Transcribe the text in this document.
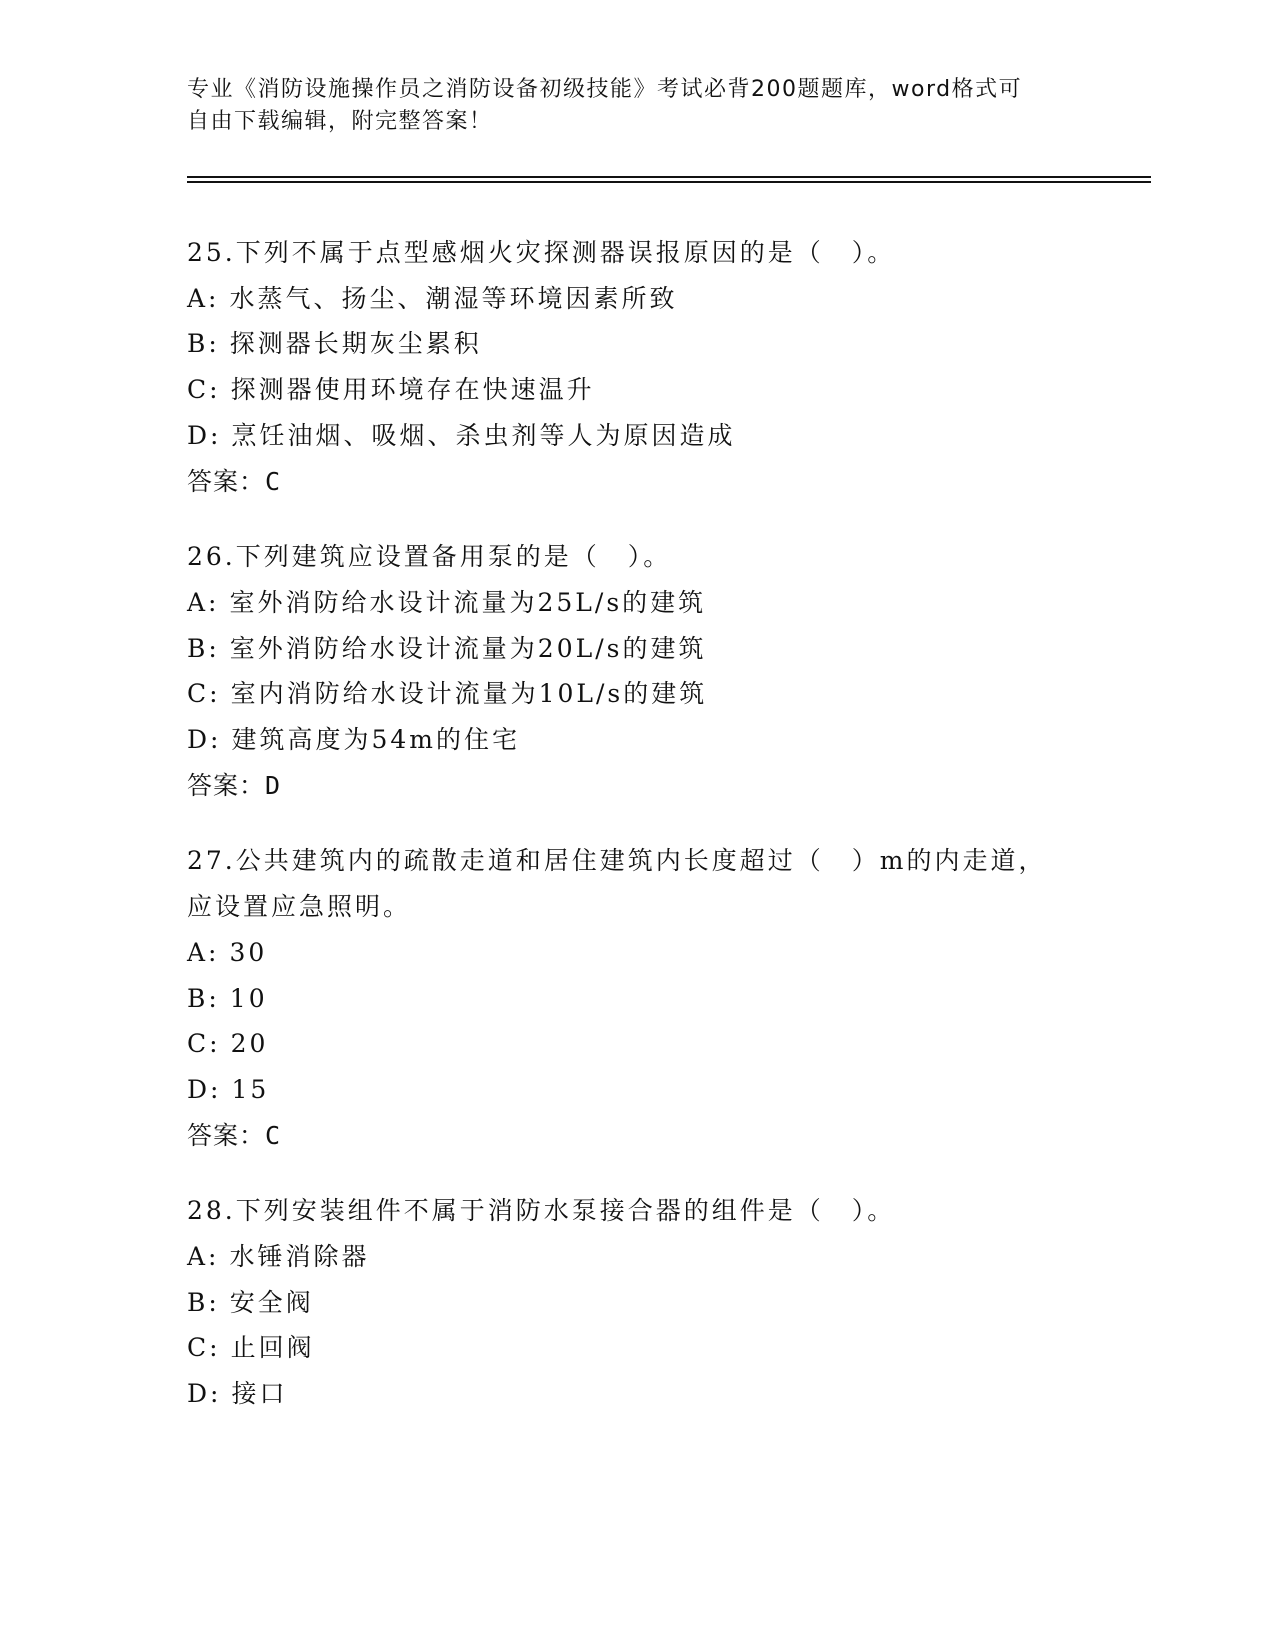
专业《消防设施操作员之消防设备初级技能》考试必背200题题库，word格式可
自由下载编辑，附完整答案！
25.下列不属于点型感烟火灾探测器误报原因的是（　）。
A: 水蒸气、扬尘、潮湿等环境因素所致
B: 探测器长期灰尘累积
C: 探测器使用环境存在快速温升
D: 烹饪油烟、吸烟、杀虫剂等人为原因造成
答案：C
26.下列建筑应设置备用泵的是（　）。
A: 室外消防给水设计流量为25L/s的建筑
B: 室外消防给水设计流量为20L/s的建筑
C: 室内消防给水设计流量为10L/s的建筑
D: 建筑高度为54m的住宅
答案：D
27.公共建筑内的疏散走道和居住建筑内长度超过（　）m的内走道，
应设置应急照明。
A: 30
B: 10
C: 20
D: 15
答案：C
28.下列安装组件不属于消防水泵接合器的组件是（　）。
A: 水锤消除器
B: 安全阀
C: 止回阀
D: 接口
